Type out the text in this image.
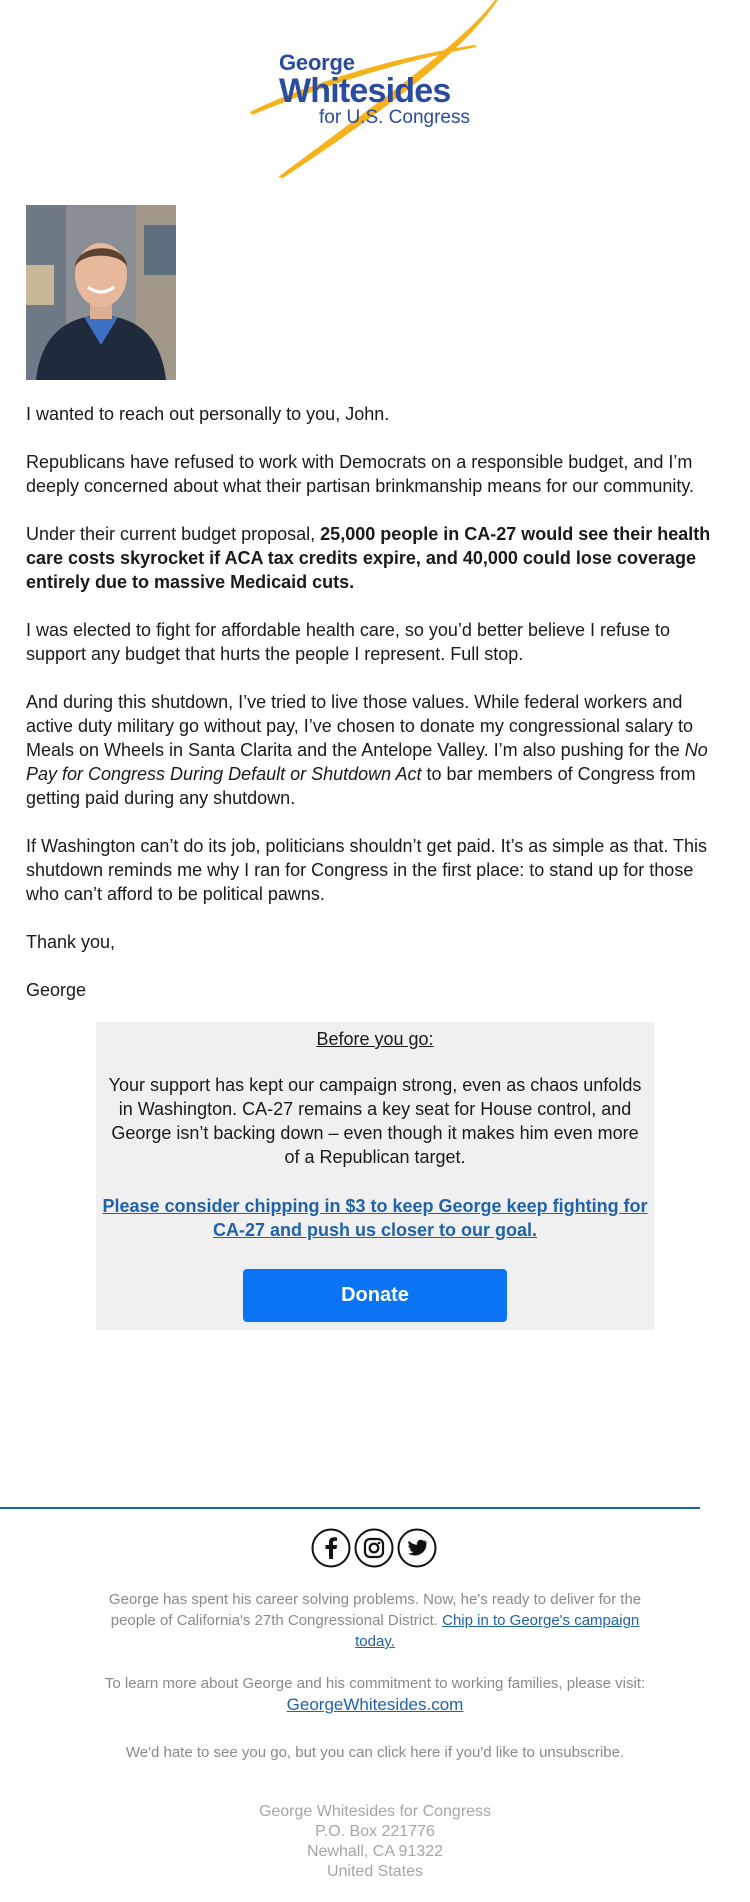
George
Whitesides
for U.S. Congress

I wanted to reach out personally to you, John.

Republicans have refused to work with Democrats on a responsible budget, and I’m
deeply concerned about what their partisan brinkmanship means for our community.

Under their current budget proposal, 25,000 people in CA-27 would see their health
care costs skyrocket if ACA tax credits expire, and 40,000 could lose coverage
entirely due to massive Medicaid cuts.

I was elected to fight for affordable health care, so you’d better believe I refuse to
support any budget that hurts the people I represent. Full stop.

And during this shutdown, I’ve tried to live those values. While federal workers and
active duty military go without pay, I’ve chosen to donate my congressional salary to
Meals on Wheels in Santa Clarita and the Antelope Valley. I’m also pushing for the No
Pay for Congress During Default or Shutdown Act to bar members of Congress from
getting paid during any shutdown.

If Washington can’t do its job, politicians shouldn’t get paid. It’s as simple as that. This
shutdown reminds me why I ran for Congress in the first place: to stand up for those
who can’t afford to be political pawns.

Thank you,

George

Before you go:
Your support has kept our campaign strong, even as chaos unfolds
in Washington. CA-27 remains a key seat for House control, and
George isn’t backing down – even though it makes him even more
of a Republican target.
Please consider chipping in $3 to keep George keep fighting for
CA-27 and push us closer to our goal.
Donate
George has spent his career solving problems. Now, he's ready to deliver for the
people of California's 27th Congressional District. Chip in to George's campaign
today.
To learn more about George and his commitment to working families, please visit:
GeorgeWhitesides.com
We'd hate to see you go, but you can click here if you'd like to unsubscribe.
George Whitesides for Congress
P.O. Box 221776
Newhall, CA 91322
United States
